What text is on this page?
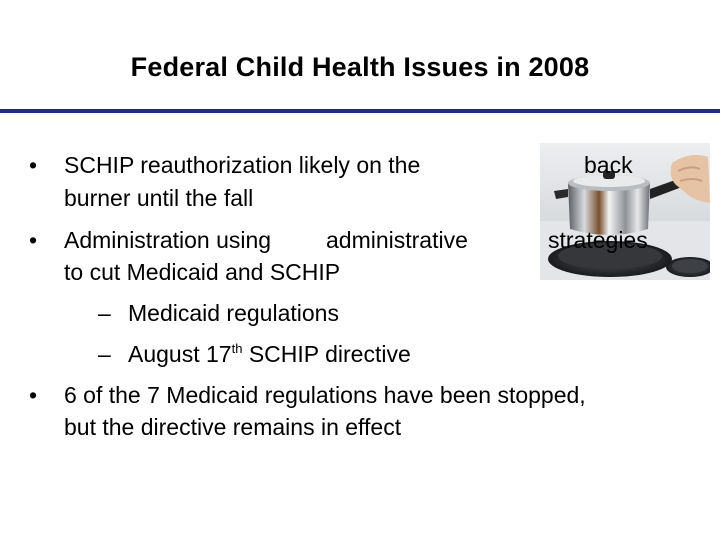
Federal Child Health Issues in 2008
• SCHIP reauthorization likely on the	back
burner until the fall
• Administration using administrative	strategies
to cut Medicaid and SCHIP
– Medicaid regulations
– August 17th SCHIP directive
• 6 of the 7 Medicaid regulations have been stopped,
but the directive remains in effect
